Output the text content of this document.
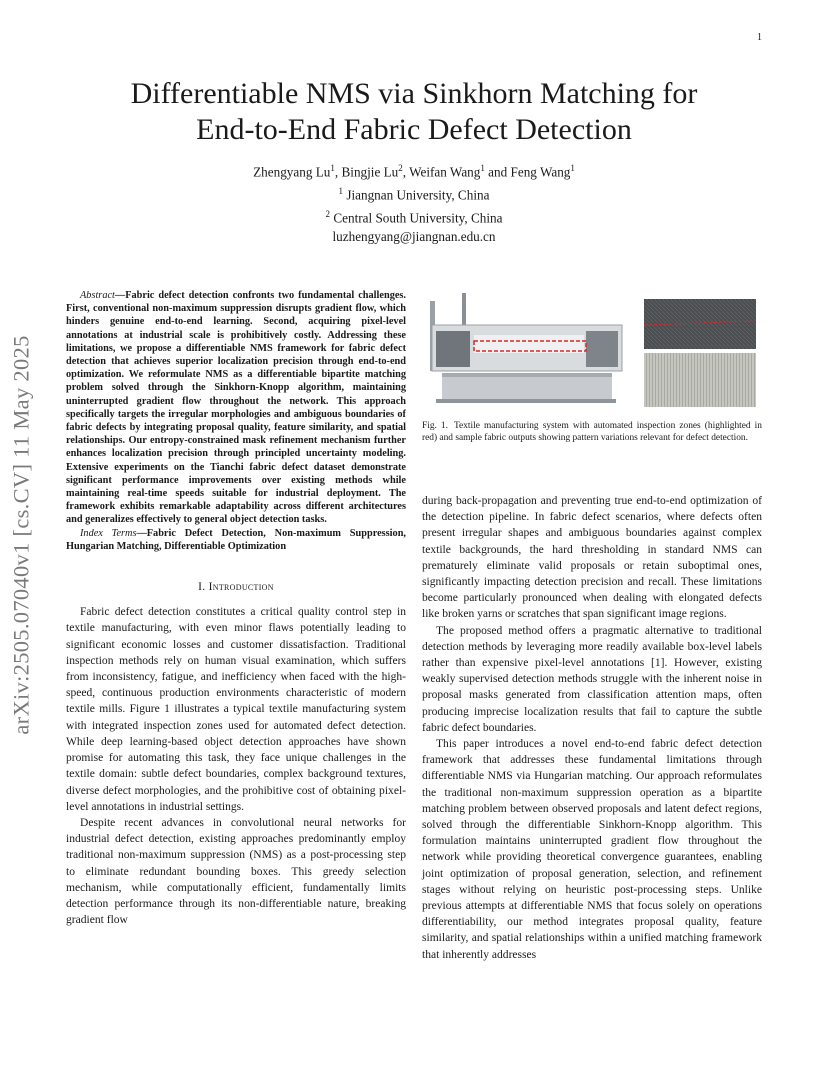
1
arXiv:2505.07040v1 [cs.CV] 11 May 2025
Differentiable NMS via Sinkhorn Matching for
End-to-End Fabric Defect Detection
Zhengyang Lu$^1$, Bingjie Lu$^2$, Weifan Wang$^1$ and Feng Wang$^1$
$^1$ Jiangnan University, China
$^2$ Central South University, China
luzhengyang@jiangnan.edu.cn

Abstract—Fabric defect detection confronts two fundamental challenges. First, conventional non-maximum suppression disrupts gradient flow, which hinders genuine end-to-end learning. Second, acquiring pixel-level annotations at industrial scale is prohibitively costly. Addressing these limitations, we propose a differentiable NMS framework for fabric defect detection that achieves superior localization precision through end-to-end optimization. We reformulate NMS as a differentiable bipartite matching problem solved through the Sinkhorn-Knopp algorithm, maintaining uninterrupted gradient flow throughout the network. This approach specifically targets the irregular morphologies and ambiguous boundaries of fabric defects by integrating proposal quality, feature similarity, and spatial relationships. Our entropy-constrained mask refinement mechanism further enhances localization precision through principled uncertainty modeling. Extensive experiments on the Tianchi fabric defect dataset demonstrate significant performance improvements over existing methods while maintaining real-time speeds suitable for industrial deployment. The framework exhibits remarkable adaptability across different architectures and generalizes effectively to general object detection tasks.

Index Terms—Fabric Defect Detection, Non-maximum Suppression, Hungarian Matching, Differentiable Optimization

I. Introduction

Fabric defect detection constitutes a critical quality control step in textile manufacturing, with even minor flaws potentially leading to significant economic losses and customer dissatisfaction. Traditional inspection methods rely on human visual examination, which suffers from inconsistency, fatigue, and inefficiency when faced with the high-speed, continuous production environments characteristic of modern textile mills. Figure 1 illustrates a typical textile manufacturing system with integrated inspection zones used for automated defect detection. While deep learning-based object detection approaches have shown promise for automating this task, they face unique challenges in the textile domain: subtle defect boundaries, complex background textures, diverse defect morphologies, and the prohibitive cost of obtaining pixel-level annotations in industrial settings.

Despite recent advances in convolutional neural networks for industrial defect detection, existing approaches predominantly employ traditional non-maximum suppression (NMS) as a post-processing step to eliminate redundant bounding boxes. This greedy selection mechanism, while computationally efficient, fundamentally limits detection performance through its non-differentiable nature, breaking gradient flow

Fig. 1. Textile manufacturing system with automated inspection zones (highlighted in red) and sample fabric outputs showing pattern variations relevant for defect detection.

during back-propagation and preventing true end-to-end optimization of the detection pipeline. In fabric defect scenarios, where defects often present irregular shapes and ambiguous boundaries against complex textile backgrounds, the hard thresholding in standard NMS can prematurely eliminate valid proposals or retain suboptimal ones, significantly impacting detection precision and recall. These limitations become particularly pronounced when dealing with elongated defects like broken yarns or scratches that span significant image regions.

The proposed method offers a pragmatic alternative to traditional detection methods by leveraging more readily available box-level labels rather than expensive pixel-level annotations [1]. However, existing weakly supervised detection methods struggle with the inherent noise in proposal masks generated from classification attention maps, often producing imprecise localization results that fail to capture the subtle fabric defect boundaries.

This paper introduces a novel end-to-end fabric defect detection framework that addresses these fundamental limitations through differentiable NMS via Hungarian matching. Our approach reformulates the traditional non-maximum suppression operation as a bipartite matching problem between observed proposals and latent defect regions, solved through the differentiable Sinkhorn-Knopp algorithm. This formulation maintains uninterrupted gradient flow throughout the network while providing theoretical convergence guarantees, enabling joint optimization of proposal generation, selection, and refinement stages without relying on heuristic post-processing steps. Unlike previous attempts at differentiable NMS that focus solely on operations differentiability, our method integrates proposal quality, feature similarity, and spatial relationships within a unified matching framework that inherently addresses
